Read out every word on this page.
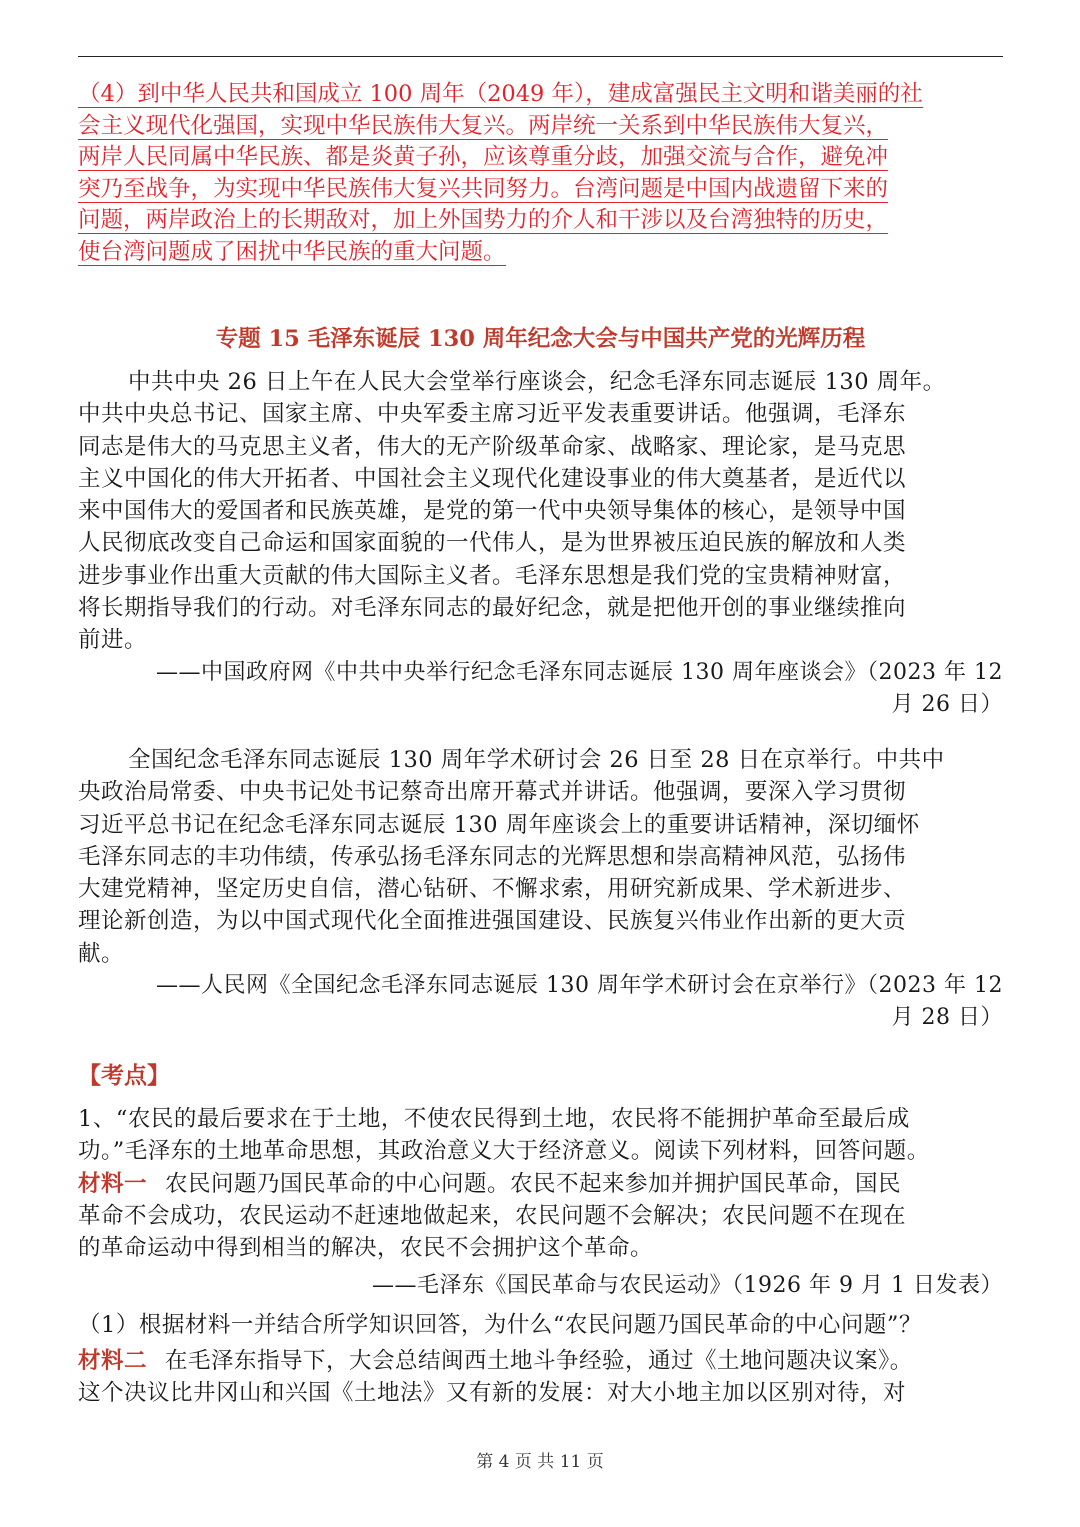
（4）到中华人民共和国成立 100 周年（2049 年），建成富强民主文明和谐美丽的社
会主义现代化强国，实现中华民族伟大复兴。两岸统一关系到中华民族伟大复兴，
两岸人民同属中华民族、都是炎黄子孙，应该尊重分歧，加强交流与合作，避免冲
突乃至战争，为实现中华民族伟大复兴共同努力。台湾问题是中国内战遗留下来的
问题，两岸政治上的长期敌对，加上外国势力的介人和干涉以及台湾独特的历史，
使台湾问题成了困扰中华民族的重大问题。
专题 15 毛泽东诞辰 130 周年纪念大会与中国共产党的光辉历程
中共中央 26 日上午在人民大会堂举行座谈会，纪念毛泽东同志诞辰 130 周年。
中共中央总书记、国家主席、中央军委主席习近平发表重要讲话。他强调，毛泽东
同志是伟大的马克思主义者，伟大的无产阶级革命家、战略家、理论家，是马克思
主义中国化的伟大开拓者、中国社会主义现代化建设事业的伟大奠基者，是近代以
来中国伟大的爱国者和民族英雄，是党的第一代中央领导集体的核心，是领导中国
人民彻底改变自己命运和国家面貌的一代伟人，是为世界被压迫民族的解放和人类
进步事业作出重大贡献的伟大国际主义者。毛泽东思想是我们党的宝贵精神财富，
将长期指导我们的行动。对毛泽东同志的最好纪念，就是把他开创的事业继续推向
前进。
——中国政府网《中共中央举行纪念毛泽东同志诞辰 130 周年座谈会》（2023 年 12
月 26 日）
全国纪念毛泽东同志诞辰 130 周年学术研讨会 26 日至 28 日在京举行。中共中
央政治局常委、中央书记处书记蔡奇出席开幕式并讲话。他强调，要深入学习贯彻
习近平总书记在纪念毛泽东同志诞辰 130 周年座谈会上的重要讲话精神，深切缅怀
毛泽东同志的丰功伟绩，传承弘扬毛泽东同志的光辉思想和崇高精神风范，弘扬伟
大建党精神，坚定历史自信，潜心钻研、不懈求索，用研究新成果、学术新进步、
理论新创造，为以中国式现代化全面推进强国建设、民族复兴伟业作出新的更大贡
献。
——人民网《全国纪念毛泽东同志诞辰 130 周年学术研讨会在京举行》（2023 年 12
月 28 日）
【考点】
1、“农民的最后要求在于土地，不使农民得到土地，农民将不能拥护革命至最后成
功。”毛泽东的土地革命思想，其政治意义大于经济意义。阅读下列材料，回答问题。
材料一 农民问题乃国民革命的中心问题。农民不起来参加并拥护国民革命，国民
革命不会成功，农民运动不赶速地做起来，农民问题不会解决；农民问题不在现在
的革命运动中得到相当的解决，农民不会拥护这个革命。
——毛泽东《国民革命与农民运动》（1926 年 9 月 1 日发表）
（1）根据材料一并结合所学知识回答，为什么“农民问题乃国民革命的中心问题”？
材料二 在毛泽东指导下，大会总结闽西土地斗争经验，通过《土地问题决议案》。
这个决议比井冈山和兴国《土地法》又有新的发展：对大小地主加以区别对待，对
第 4 页 共 11 页
